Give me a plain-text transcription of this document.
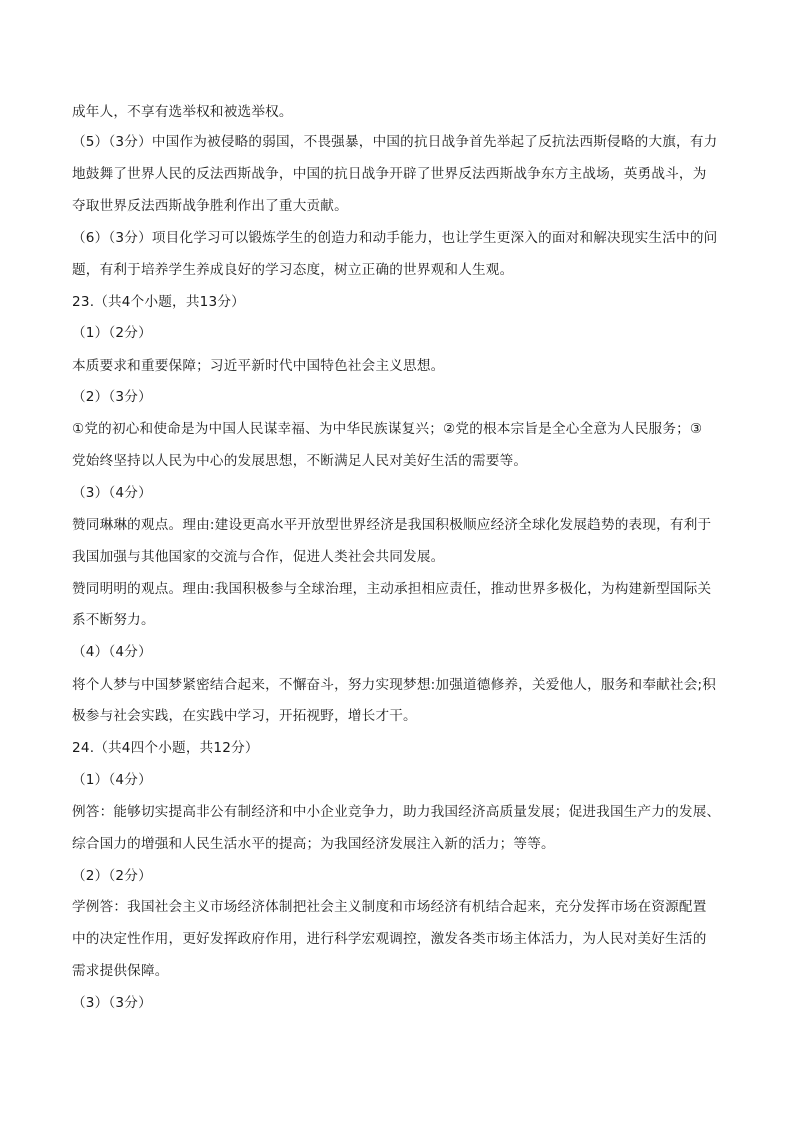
成年人，不享有选举权和被选举权。
（5）（3分）中国作为被侵略的弱国，不畏强暴，中国的抗日战争首先举起了反抗法西斯侵略的大旗，有力
地鼓舞了世界人民的反法西斯战争，中国的抗日战争开辟了世界反法西斯战争东方主战场，英勇战斗，为
夺取世界反法西斯战争胜利作出了重大贡献。
（6）（3分）项目化学习可以锻炼学生的创造力和动手能力，也让学生更深入的面对和解决现实生活中的问
题，有利于培养学生养成良好的学习态度，树立正确的世界观和人生观。
23.（共4个小题，共13分）
（1）（2分）
本质要求和重要保障；习近平新时代中国特色社会主义思想。
（2）（3分）
①党的初心和使命是为中国人民谋幸福、为中华民族谋复兴；②党的根本宗旨是全心全意为人民服务；③
党始终坚持以人民为中心的发展思想，不断满足人民对美好生活的需要等。
（3）（4分）
赞同琳琳的观点。理由:建设更高水平开放型世界经济是我国积极顺应经济全球化发展趋势的表现，有利于
我国加强与其他国家的交流与合作，促进人类社会共同发展。
赞同明明的观点。理由:我国积极参与全球治理，主动承担相应责任，推动世界多极化，为构建新型国际关
系不断努力。
（4）（4分）
将个人梦与中国梦紧密结合起来，不懈奋斗，努力实现梦想:加强道德修养，关爱他人，服务和奉献社会;积
极参与社会实践，在实践中学习，开拓视野，增长才干。
24.（共4四个小题，共12分）
（1）（4分）
例答：能够切实提高非公有制经济和中小企业竞争力，助力我国经济高质量发展；促进我国生产力的发展、
综合国力的增强和人民生活水平的提高；为我国经济发展注入新的活力；等等。
（2）（2分）
学例答：我国社会主义市场经济体制把社会主义制度和市场经济有机结合起来，充分发挥市场在资源配置
中的决定性作用，更好发挥政府作用，进行科学宏观调控，激发各类市场主体活力，为人民对美好生活的
需求提供保障。
（3）（3分）
